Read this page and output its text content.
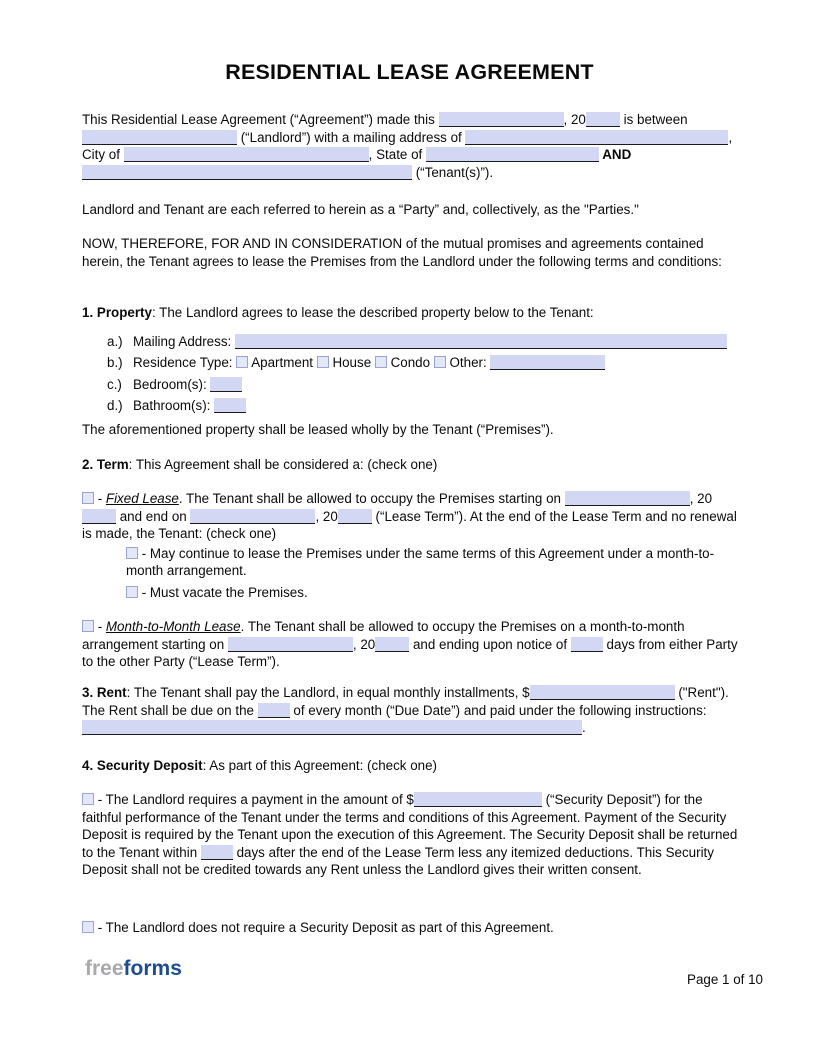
RESIDENTIAL LEASE AGREEMENT
This Residential Lease Agreement (“Agreement”) made this	, 20	is between  (“Landlord”) with a mailing address of	, City of	, State of	AND  (“Tenant(s)”).
Landlord and Tenant are each referred to herein as a “Party” and, collectively, as the "Parties."
NOW, THEREFORE, FOR AND IN CONSIDERATION of the mutual promises and agreements contained herein, the Tenant agrees to lease the Premises from the Landlord under the following terms and conditions:
1. Property: The Landlord agrees to lease the described property below to the Tenant:
a.) Mailing Address:
b.) Residence Type:  Apartment  House  Condo  Other:
c.) Bedroom(s):
d.) Bathroom(s):
The aforementioned property shall be leased wholly by the Tenant (“Premises”).
2. Term: This Agreement shall be considered a: (check one)
- Fixed Lease. The Tenant shall be allowed to occupy the Premises starting on	, 20 and end on	, 20	(“Lease Term”). At the end of the Lease Term and no renewal is made, the Tenant: (check one)
- May continue to lease the Premises under the same terms of this Agreement under a month-to-month arrangement.
- Must vacate the Premises.
- Month-to-Month Lease. The Tenant shall be allowed to occupy the Premises on a month-to-month arrangement starting on	, 20	and ending upon notice of  days from either Party to the other Party (“Lease Term”).
3. Rent: The Tenant shall pay the Landlord, in equal monthly installments, $	("Rent"). The Rent shall be due on the  of every month (“Due Date”) and paid under the following instructions: .
4. Security Deposit: As part of this Agreement: (check one)
- The Landlord requires a payment in the amount of $	(“Security Deposit”) for the faithful performance of the Tenant under the terms and conditions of this Agreement. Payment of the Security Deposit is required by the Tenant upon the execution of this Agreement. The Security Deposit shall be returned to the Tenant within  days after the end of the Lease Term less any itemized deductions. This Security Deposit shall not be credited towards any Rent unless the Landlord gives their written consent.
- The Landlord does not require a Security Deposit as part of this Agreement.
freeforms	Page 1 of 10
